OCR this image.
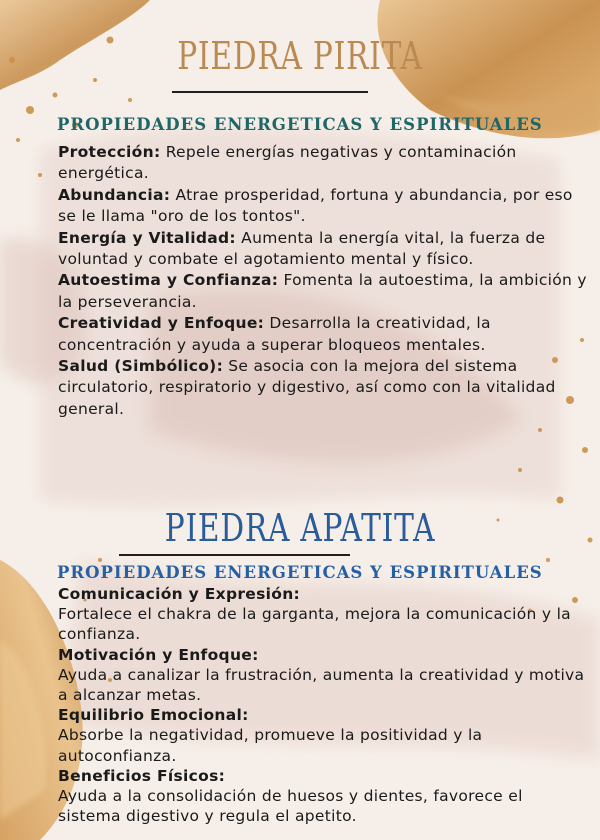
PIEDRA PIRITA
PROPIEDADES ENERGETICAS Y ESPIRITUALES

Protección: Repele energías negativas y contaminación energética.

Abundancia: Atrae prosperidad, fortuna y abundancia, por eso se le llama "oro de los tontos".

Energía y Vitalidad: Aumenta la energía vital, la fuerza de voluntad y combate el agotamiento mental y físico.

Autoestima y Confianza: Fomenta la autoestima, la ambición y la perseverancia.

Creatividad y Enfoque: Desarrolla la creatividad, la concentración y ayuda a superar bloqueos mentales.

Salud (Simbólico): Se asocia con la mejora del sistema circulatorio, respiratorio y digestivo, así como con la vitalidad general.

PIEDRA APATITA
PROPIEDADES ENERGETICAS Y ESPIRITUALES
Comunicación y Expresión:

Fortalece el chakra de la garganta, mejora la comunicación y la confianza.

Motivación y Enfoque:

Ayuda a canalizar la frustración, aumenta la creatividad y motiva a alcanzar metas.

Equilibrio Emocional:

Absorbe la negatividad, promueve la positividad y la autoconfianza.

Beneficios Físicos:

Ayuda a la consolidación de huesos y dientes, favorece el sistema digestivo y regula el apetito.
